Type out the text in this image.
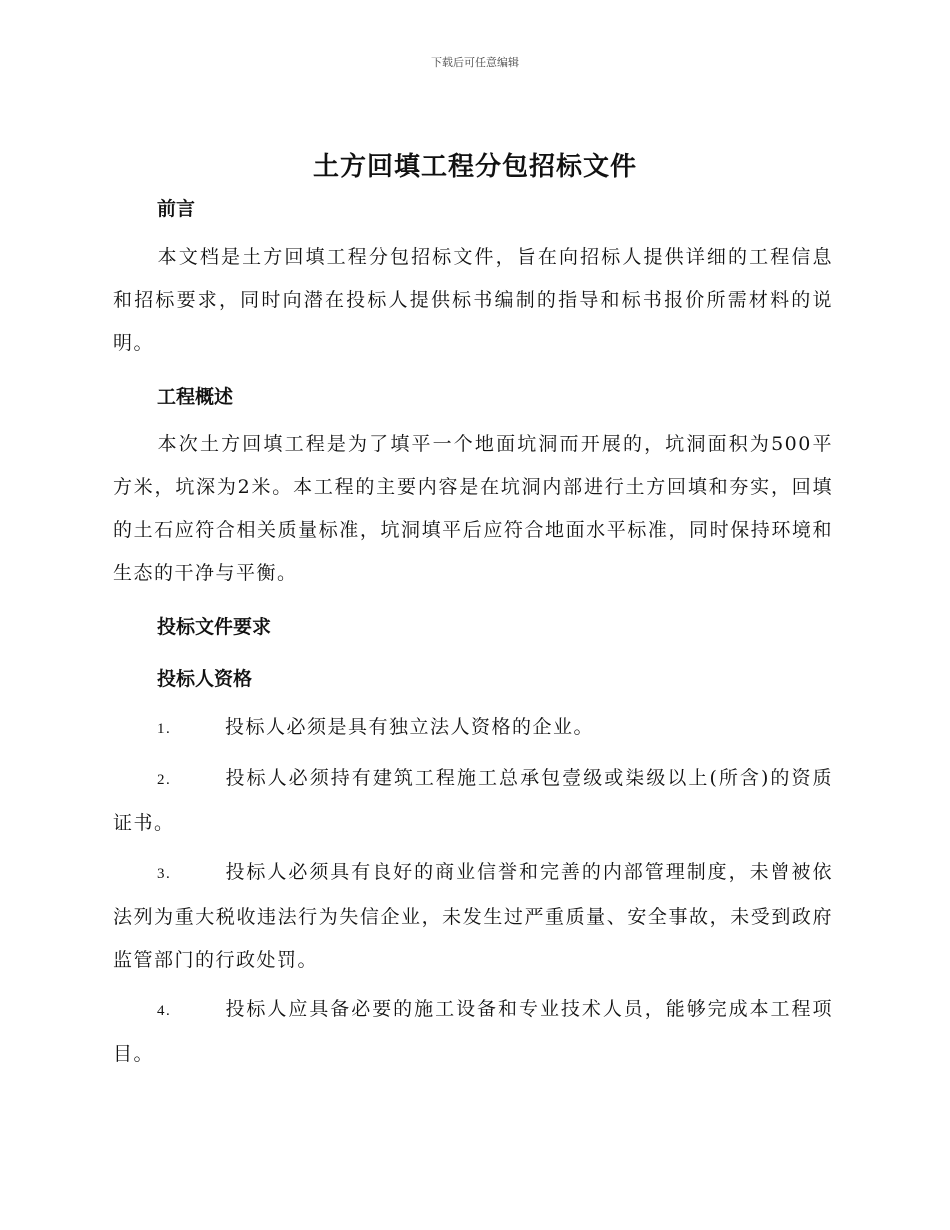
下载后可任意编辑
土方回填工程分包招标文件
前言
本文档是土方回填工程分包招标文件，旨在向招标人提供详细的工程信息和招标要求，同时向潜在投标人提供标书编制的指导和标书报价所需材料的说明。
工程概述
本次土方回填工程是为了填平一个地面坑洞而开展的，坑洞面积为500平方米，坑深为2米。本工程的主要内容是在坑洞内部进行土方回填和夯实，回填的土石应符合相关质量标准，坑洞填平后应符合地面水平标准，同时保持环境和生态的干净与平衡。
投标文件要求
投标人资格
1.	投标人必须是具有独立法人资格的企业。
2.	投标人必须持有建筑工程施工总承包壹级或柒级以上(所含)的资质证书。
3.	投标人必须具有良好的商业信誉和完善的内部管理制度，未曾被依法列为重大税收违法行为失信企业，未发生过严重质量、安全事故，未受到政府监管部门的行政处罚。
4.	投标人应具备必要的施工设备和专业技术人员，能够完成本工程项目。
